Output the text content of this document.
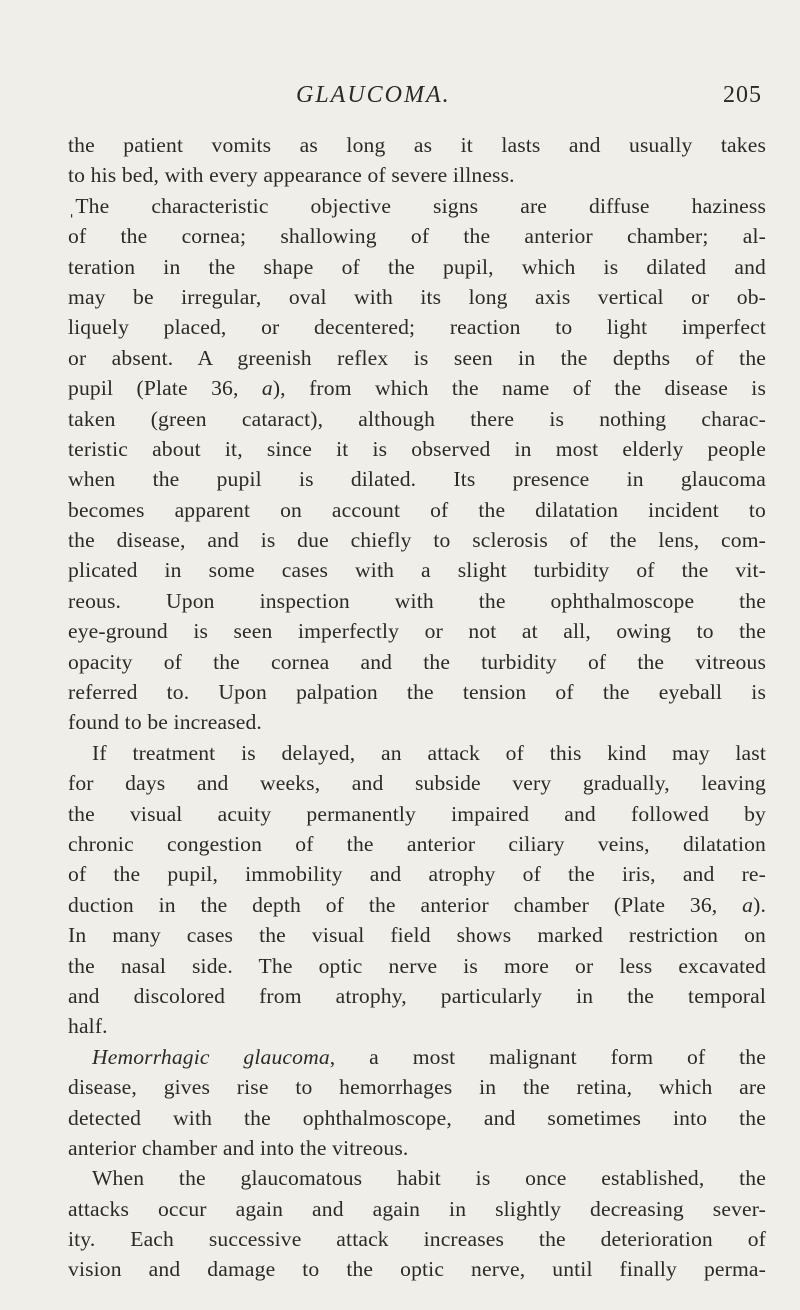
GLAUCOMA.	205
the patient vomits as long as it lasts and usually takes
to his bed, with every appearance of severe illness.
ˌThe characteristic objective signs are diffuse haziness
of the cornea; shallowing of the anterior chamber; al-
teration in the shape of the pupil, which is dilated and
may be irregular, oval with its long axis vertical or ob-
liquely placed, or decentered; reaction to light imperfect
or absent. A greenish reflex is seen in the depths of the
pupil (Plate 36, a), from which the name of the disease is
taken (green cataract), although there is nothing charac-
teristic about it, since it is observed in most elderly people
when the pupil is dilated. Its presence in glaucoma
becomes apparent on account of the dilatation incident to
the disease, and is due chiefly to sclerosis of the lens, com-
plicated in some cases with a slight turbidity of the vit-
reous. Upon inspection with the ophthalmoscope the
eye-ground is seen imperfectly or not at all, owing to the
opacity of the cornea and the turbidity of the vitreous
referred to. Upon palpation the tension of the eyeball is
found to be increased.
If treatment is delayed, an attack of this kind may last
for days and weeks, and subside very gradually, leaving
the visual acuity permanently impaired and followed by
chronic congestion of the anterior ciliary veins, dilatation
of the pupil, immobility and atrophy of the iris, and re-
duction in the depth of the anterior chamber (Plate 36, a).
In many cases the visual field shows marked restriction on
the nasal side. The optic nerve is more or less excavated
and discolored from atrophy, particularly in the temporal
half.
Hemorrhagic glaucoma, a most malignant form of the
disease, gives rise to hemorrhages in the retina, which are
detected with the ophthalmoscope, and sometimes into the
anterior chamber and into the vitreous.
When the glaucomatous habit is once established, the
attacks occur again and again in slightly decreasing sever-
ity. Each successive attack increases the deterioration of
vision and damage to the optic nerve, until finally perma-
